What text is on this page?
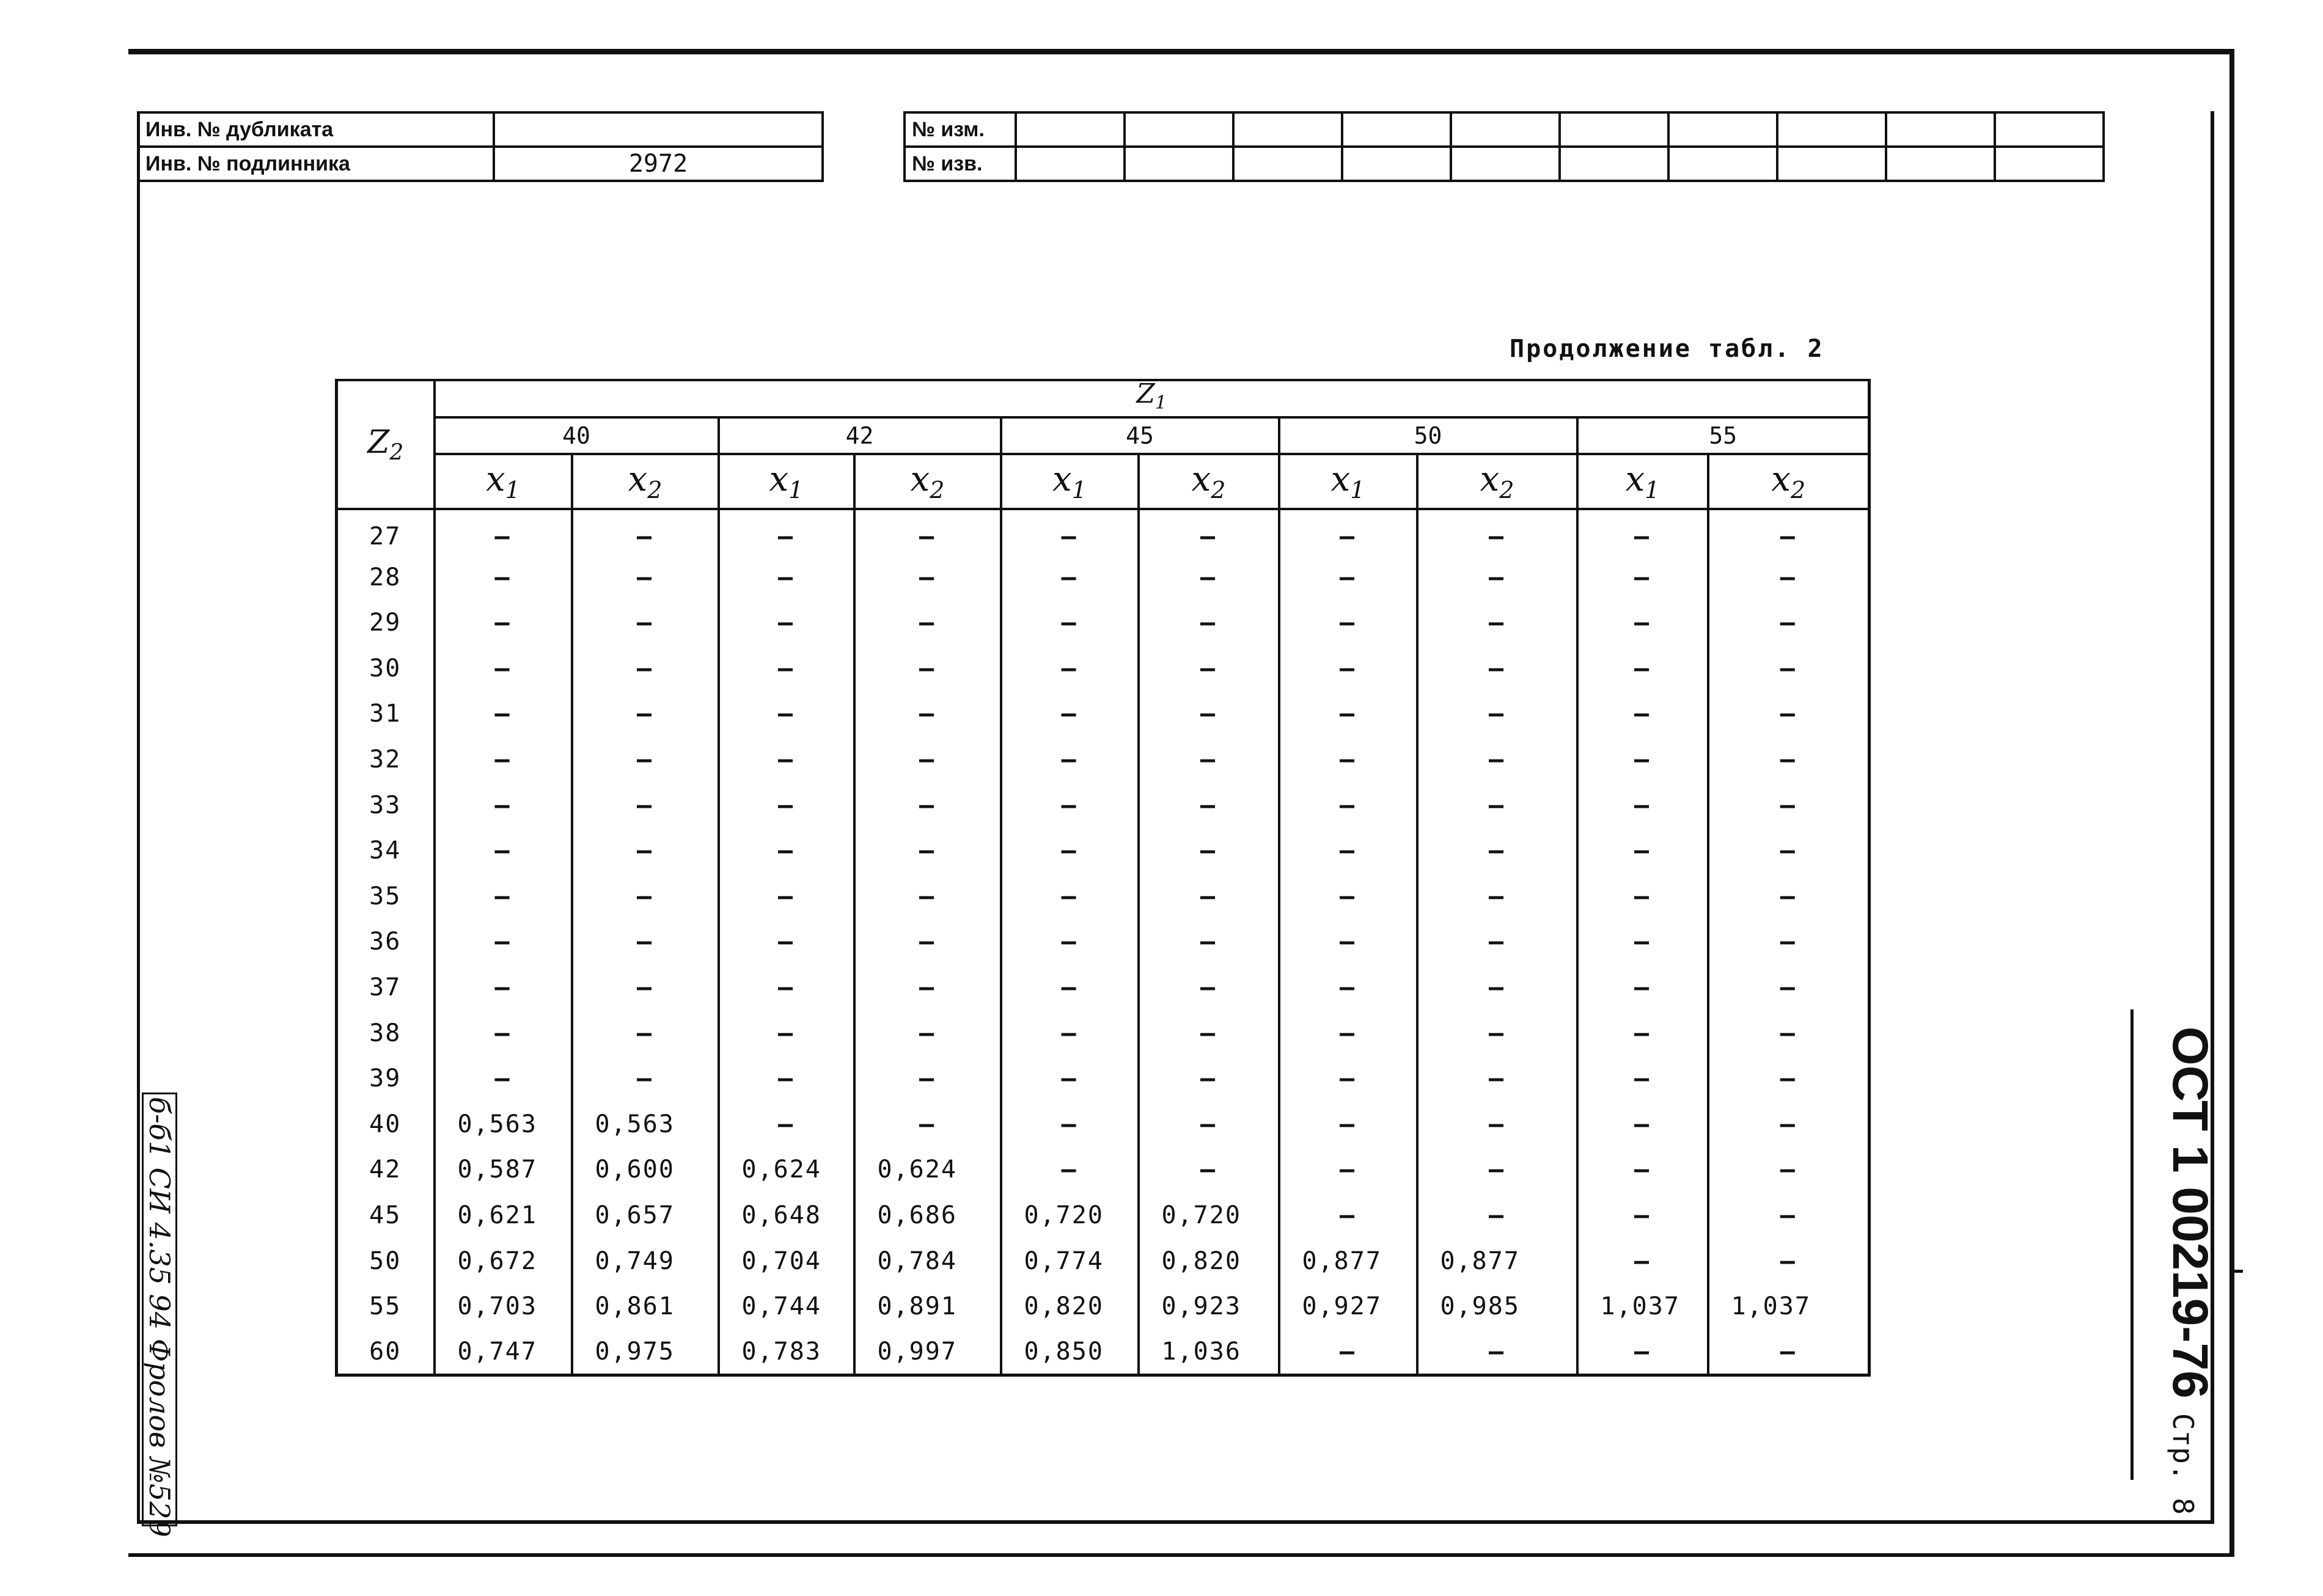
Инв. № дубликата	
Инв. № подлинника	2972
№ изм.										
№ изв.										
Продолжение табл. 2
$Z_2$	$Z_1$
	40		42		45		50		55	
	$x_1$	$x_2$	$x_1$	$x_2$	$x_1$	$x_2$	$x_1$	$x_2$	$x_1$	$x_2$
27	–	–	–	–	–	–	–	–	–	–
28	–	–	–	–	–	–	–	–	–	–
29	–	–	–	–	–	–	–	–	–	–
30	–	–	–	–	–	–	–	–	–	–
31	–	–	–	–	–	–	–	–	–	–
32	–	–	–	–	–	–	–	–	–	–
33	–	–	–	–	–	–	–	–	–	–
34	–	–	–	–	–	–	–	–	–	–
35	–	–	–	–	–	–	–	–	–	–
36	–	–	–	–	–	–	–	–	–	–
37	–	–	–	–	–	–	–	–	–	–
38	–	–	–	–	–	–	–	–	–	–
39	–	–	–	–	–	–	–	–	–	–
40	0,563	0,563	–	–	–	–	–	–	–	–
42	0,587	0,600	0,624	0,624	–	–	–	–	–	–
45	0,621	0,657	0,648	0,686	0,720	0,720	–	–	–	–
50	0,672	0,749	0,704	0,784	0,774	0,820	0,877	0,877	–	–
55	0,703	0,861	0,744	0,891	0,820	0,923	0,927	0,985	1,037	1,037
60	0,747	0,975	0,783	0,997	0,850	1,036	–	–	–	–	ОСТ 1 00219-76Стр. 8
б-б1 СИ 4.35 94 Фролов №529
